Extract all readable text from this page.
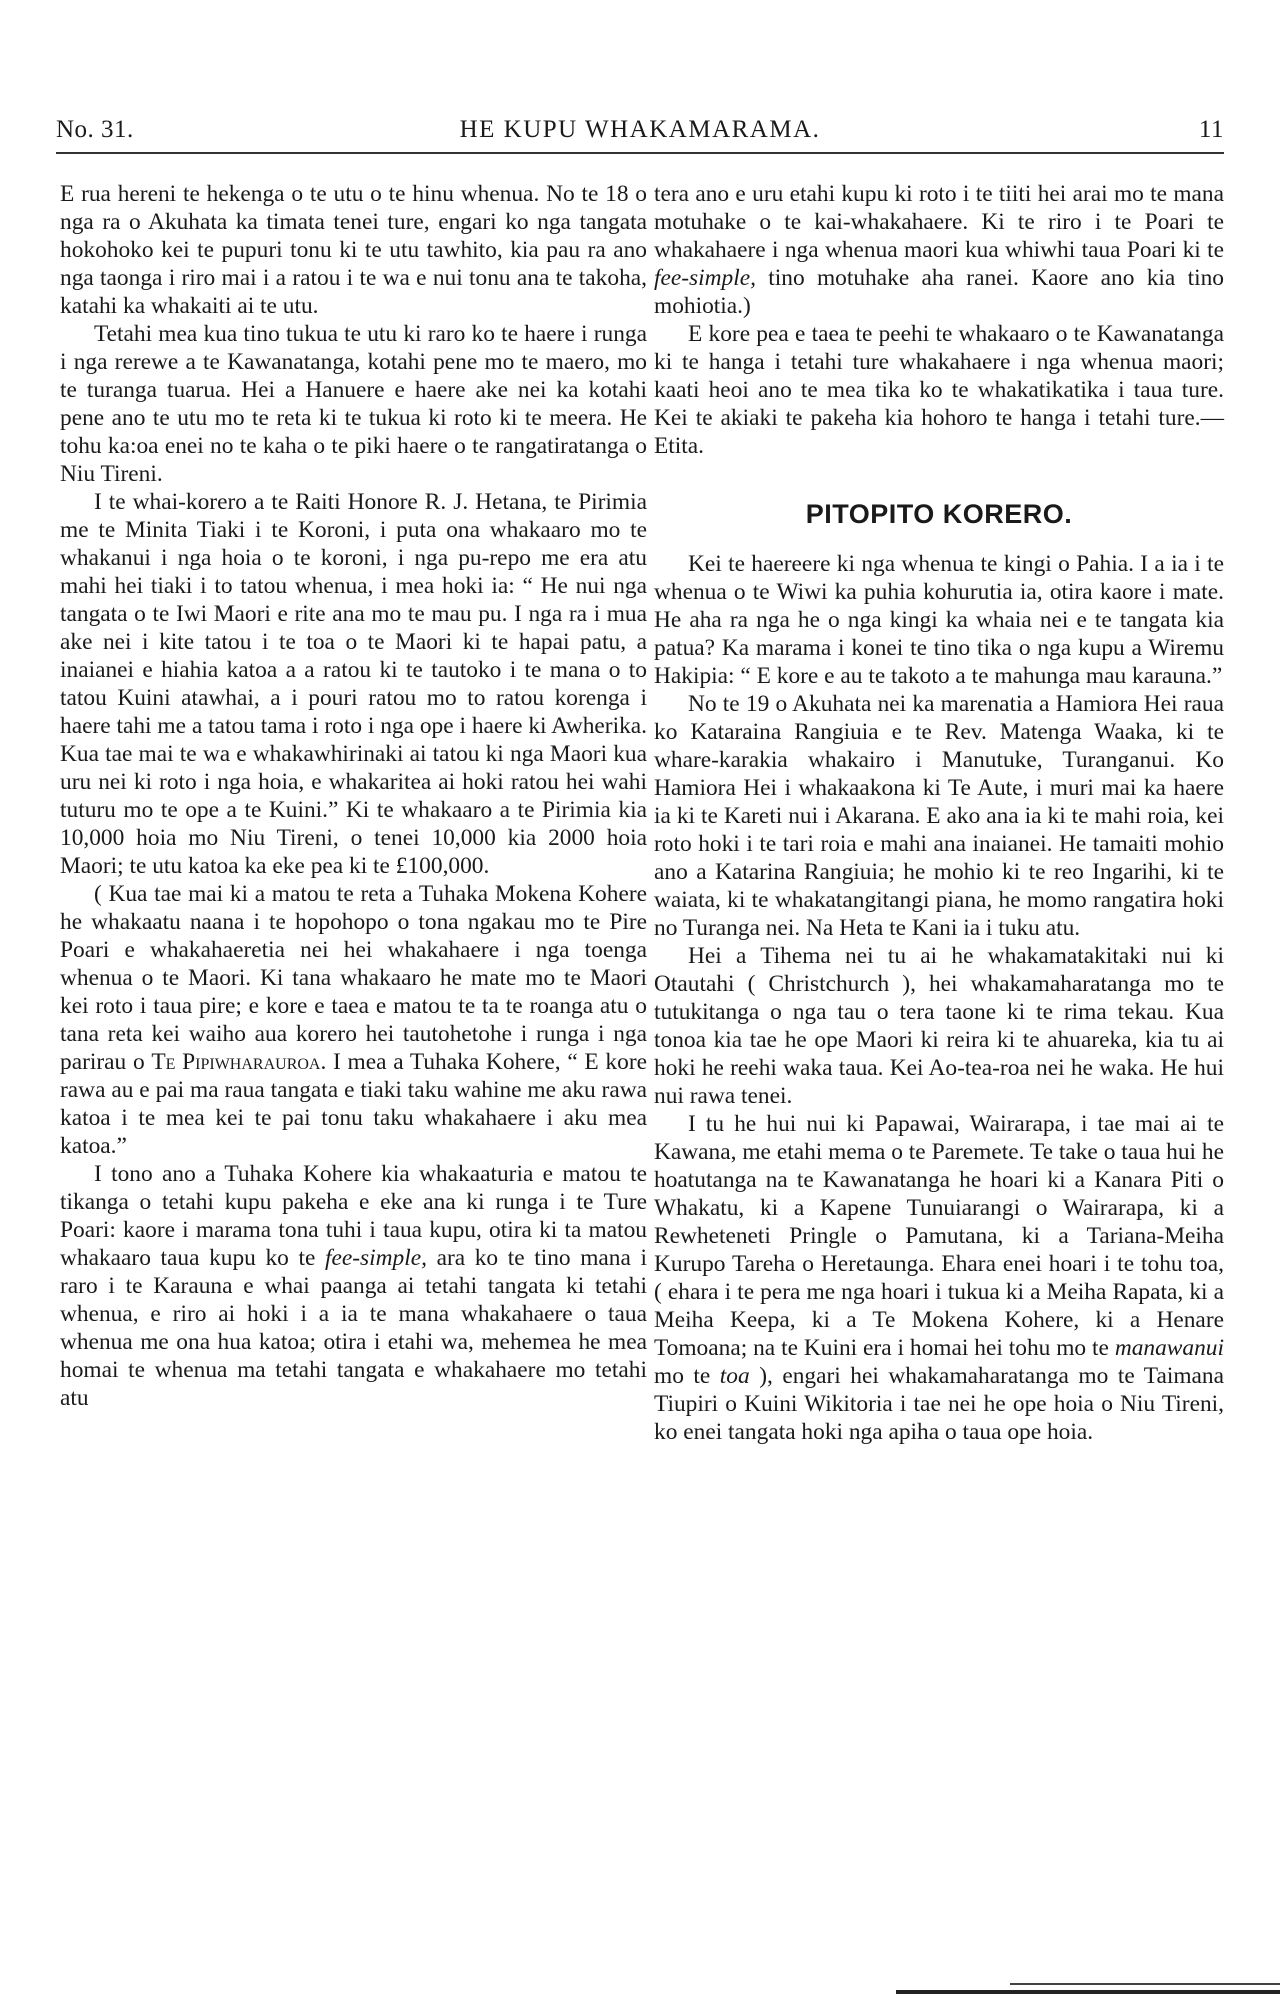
No. 31.	HE KUPU WHAKAMARAMA.	11

E rua hereni te hekenga o te utu o te hinu whenua. No te 18 o nga ra o Akuhata ka timata tenei ture, engari ko nga tangata hokohoko kei te pupuri tonu ki te utu tawhito, kia pau ra ano nga taonga i riro mai i a ratou i te wa e nui tonu ana te takoha, katahi ka whakaiti ai te utu.

Tetahi mea kua tino tukua te utu ki raro ko te haere i runga i nga rerewe a te Kawanatanga, kotahi pene mo te maero, mo te turanga tuarua. Hei a Hanuere e haere ake nei ka kotahi pene ano te utu mo te reta ki te tukua ki roto ki te meera. He tohu ka:oa enei no te kaha o te piki haere o te rangatiratanga o Niu Tireni.

I te whai-korero a te Raiti Honore R. J. Hetana, te Pirimia me te Minita Tiaki i te Koroni, i puta ona whakaaro mo te whakanui i nga hoia o te koroni, i nga pu-repo me era atu mahi hei tiaki i to tatou whenua, i mea hoki ia: “ He nui nga tangata o te Iwi Maori e rite ana mo te mau pu. I nga ra i mua ake nei i kite tatou i te toa o te Maori ki te hapai patu, a inaianei e hiahia katoa a a ratou ki te tautoko i te mana o to tatou Kuini atawhai, a i pouri ratou mo to ratou korenga i haere tahi me a tatou tama i roto i nga ope i haere ki Awherika. Kua tae mai te wa e whakawhirinaki ai tatou ki nga Maori kua uru nei ki roto i nga hoia, e whakaritea ai hoki ratou hei wahi tuturu mo te ope a te Kuini.” Ki te whakaaro a te Pirimia kia 10,000 hoia mo Niu Tireni, o tenei 10,000 kia 2000 hoia Maori; te utu katoa ka eke pea ki te £100,000.

( Kua tae mai ki a matou te reta a Tuhaka Mokena Kohere he whakaatu naana i te hopohopo o tona ngakau mo te Pire Poari e whakahaeretia nei hei whakahaere i nga toenga whenua o te Maori. Ki tana whakaaro he mate mo te Maori kei roto i taua pire; e kore e taea e matou te ta te roanga atu o tana reta kei waiho aua korero hei tautohetohe i runga i nga parirau o Te Pipiwharauroa. I mea a Tuhaka Kohere, “ E kore rawa au e pai ma raua tangata e tiaki taku wahine me aku rawa katoa i te mea kei te pai tonu taku whakahaere i aku mea katoa.”

I tono ano a Tuhaka Kohere kia whakaaturia e matou te tikanga o tetahi kupu pakeha e eke ana ki runga i te Ture Poari: kaore i marama tona tuhi i taua kupu, otira ki ta matou whakaaro taua kupu ko te fee-simple, ara ko te tino mana i raro i te Karauna e whai paanga ai tetahi tangata ki tetahi whenua, e riro ai hoki i a ia te mana whakahaere o taua whenua me ona hua katoa; otira i etahi wa, mehemea he mea homai te whenua ma tetahi tangata e whakahaere mo tetahi atu

tera ano e uru etahi kupu ki roto i te tiiti hei arai mo te mana motuhake o te kai-whakahaere. Ki te riro i te Poari te whakahaere i nga whenua maori kua whiwhi taua Poari ki te fee-simple, tino motuhake aha ranei. Kaore ano kia tino mohiotia.)

E kore pea e taea te peehi te whakaaro o te Kawanatanga ki te hanga i tetahi ture whakahaere i nga whenua maori; kaati heoi ano te mea tika ko te whakatikatika i taua ture. Kei te akiaki te pakeha kia hohoro te hanga i tetahi ture.— Etita.

PITOPITO KORERO.

Kei te haereere ki nga whenua te kingi o Pahia. I a ia i te whenua o te Wiwi ka puhia kohurutia ia, otira kaore i mate. He aha ra nga he o nga kingi ka whaia nei e te tangata kia patua? Ka marama i konei te tino tika o nga kupu a Wiremu Hakipia: “ E kore e au te takoto a te mahunga mau karauna.”

No te 19 o Akuhata nei ka marenatia a Hamiora Hei raua ko Kataraina Rangiuia e te Rev. Matenga Waaka, ki te whare-karakia whakairo i Manutuke, Turanganui. Ko Hamiora Hei i whakaakona ki Te Aute, i muri mai ka haere ia ki te Kareti nui i Akarana. E ako ana ia ki te mahi roia, kei roto hoki i te tari roia e mahi ana inaianei. He tamaiti mohio ano a Katarina Rangiuia; he mohio ki te reo Ingarihi, ki te waiata, ki te whakatangitangi piana, he momo rangatira hoki no Turanga nei. Na Heta te Kani ia i tuku atu.

Hei a Tihema nei tu ai he whakamatakitaki nui ki Otautahi ( Christchurch ), hei whakamaharatanga mo te tutukitanga o nga tau o tera taone ki te rima tekau. Kua tonoa kia tae he ope Maori ki reira ki te ahuareka, kia tu ai hoki he reehi waka taua. Kei Ao-tea-roa nei he waka. He hui nui rawa tenei.

I tu he hui nui ki Papawai, Wairarapa, i tae mai ai te Kawana, me etahi mema o te Paremete. Te take o taua hui he hoatutanga na te Kawanatanga he hoari ki a Kanara Piti o Whakatu, ki a Kapene Tunuiarangi o Wairarapa, ki a Rewheteneti Pringle o Pamutana, ki a Tariana-Meiha Kurupo Tareha o Heretaunga. Ehara enei hoari i te tohu toa, ( ehara i te pera me nga hoari i tukua ki a Meiha Rapata, ki a Meiha Keepa, ki a Te Mokena Kohere, ki a Henare Tomoana; na te Kuini era i homai hei tohu mo te manawanui mo te toa ), engari hei whakamaharatanga mo te Taimana Tiupiri o Kuini Wikitoria i tae nei he ope hoia o Niu Tireni, ko enei tangata hoki nga apiha o taua ope hoia.
